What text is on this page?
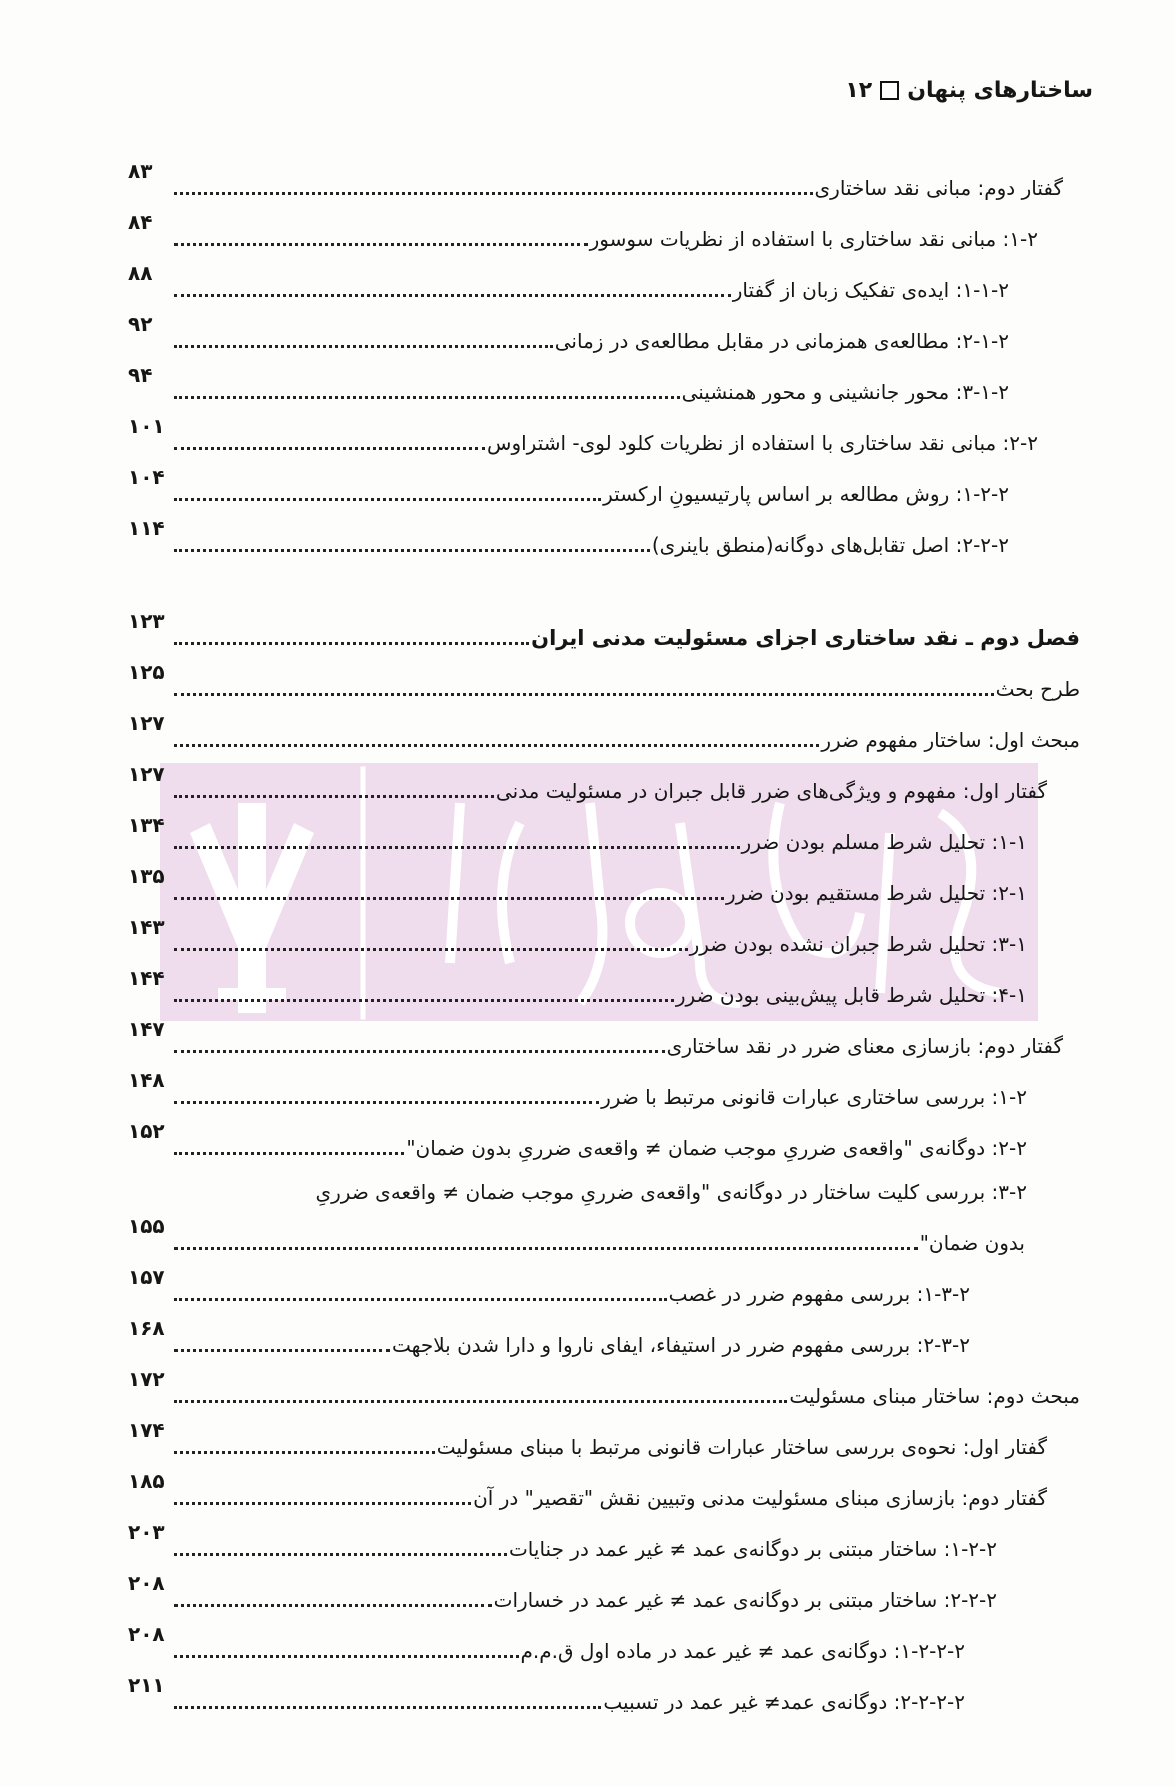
ساختارهای پنهان
۱۲
گفتار دوم: مبانی نقد ساختاری
۸۳
۱-۲: مبانی نقد ساختاری با استفاده از نظریات سوسور
۸۴
۱-۱-۲: ایده‌ی تفکیک زبان از گفتار
۸۸
۲-۱-۲: مطالعه‌ی همزمانی در مقابل مطالعه‌ی در زمانی
۹۲
۳-۱-۲: محور جانشینی و محور همنشینی
۹۴
۲-۲: مبانی نقد ساختاری با استفاده از نظریات کلود لوی- اشتراوس
۱۰۱
۱-۲-۲: روش مطالعه بر اساس پارتیسیونِ ارکستر
۱۰۴
۲-۲-۲: اصل تقابل‌های دوگانه(منطق باینری)
۱۱۴
فصل دوم ـ نقد ساختاری اجزای مسئولیت مدنی ایران
۱۲۳
طرح بحث
۱۲۵
مبحث اول: ساختار مفهوم ضرر
۱۲۷
گفتار اول: مفهوم و ویژگی‌های ضرر قابل جبران در مسئولیت مدنی
۱۲۷
۱-۱: تحلیل شرط مسلم بودن ضرر
۱۳۴
۲-۱: تحلیل شرط مستقیم بودن ضرر
۱۳۵
۳-۱: تحلیل شرط جبران نشده بودن ضرر
۱۴۳
۴-۱: تحلیل شرط قابل پیش‌بینی بودن ضرر
۱۴۴
گفتار دوم: بازسازی معنای ضرر در نقد ساختاری
۱۴۷
۱-۲: بررسی ساختاری عبارات قانونی مرتبط با ضرر
۱۴۸
۲-۲: دوگانه‌ی "واقعه‌ی ضرریِ موجب ضمان ≠ واقعه‌ی ضرریِ بدون ضمان"
۱۵۲
۳-۲: بررسی کلیت ساختار در دوگانه‌ی "واقعه‌ی ضرریِ موجب ضمان ≠ واقعه‌ی ضرریِ
بدون ضمان"
۱۵۵
۱-۳-۲: بررسی مفهوم ضرر در غصب
۱۵۷
۲-۳-۲: بررسی مفهوم ضرر در استیفاء، ایفای ناروا و دارا شدن بلاجهت
۱۶۸
مبحث دوم: ساختار مبنای مسئولیت
۱۷۲
گفتار اول: نحوه‌ی بررسی ساختار عبارات قانونی مرتبط با مبنای مسئولیت
۱۷۴
گفتار دوم: بازسازی مبنای مسئولیت مدنی وتبیین نقش "تقصیر" در آن
۱۸۵
۱-۲-۲: ساختار مبتنی بر دوگانه‌ی عمد ≠ غیر عمد در جنایات
۲۰۳
۲-۲-۲: ساختار مبتنی بر دوگانه‌ی عمد ≠ غیر عمد در خسارات
۲۰۸
۱-۲-۲-۲: دوگانه‌ی عمد ≠ غیر عمد در ماده اول ق.م.م
۲۰۸
۲-۲-۲-۲: دوگانه‌ی عمد≠ غیر عمد در تسبیب
۲۱۱
